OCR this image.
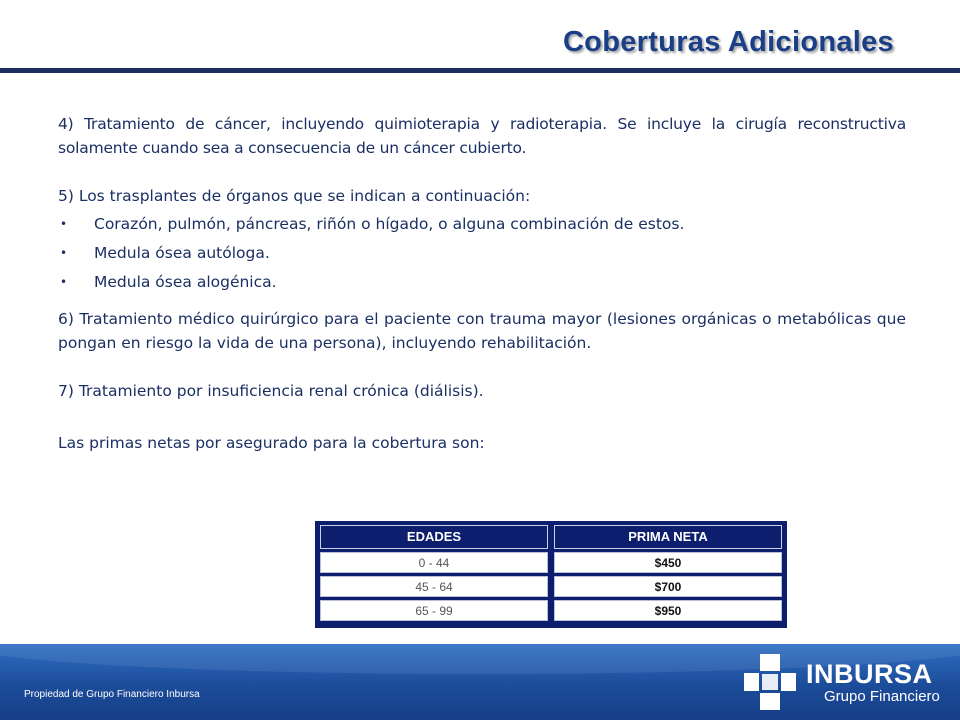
Coberturas Adicionales

4) Tratamiento de cáncer, incluyendo quimioterapia y radioterapia. Se incluye la cirugía reconstructiva solamente cuando sea a consecuencia de un cáncer cubierto.

5) Los trasplantes de órganos que se indican a continuación:

• Corazón, pulmón, páncreas, riñón o hígado, o alguna combinación de estos.
• Medula ósea autóloga.
• Medula ósea alogénica.

6) Tratamiento médico quirúrgico para el paciente con trauma mayor (lesiones orgánicas o metabólicas que pongan en riesgo la vida de una persona), incluyendo rehabilitación.

7) Tratamiento por insuficiencia renal crónica (diálisis).

Las primas netas por asegurado para la cobertura son:

EDADES	PRIMA NETA
0 - 44	$450
45 - 64	$700
65 - 99	$950
Propiedad de Grupo Financiero Inbursa
INBURSA
Grupo Financiero
